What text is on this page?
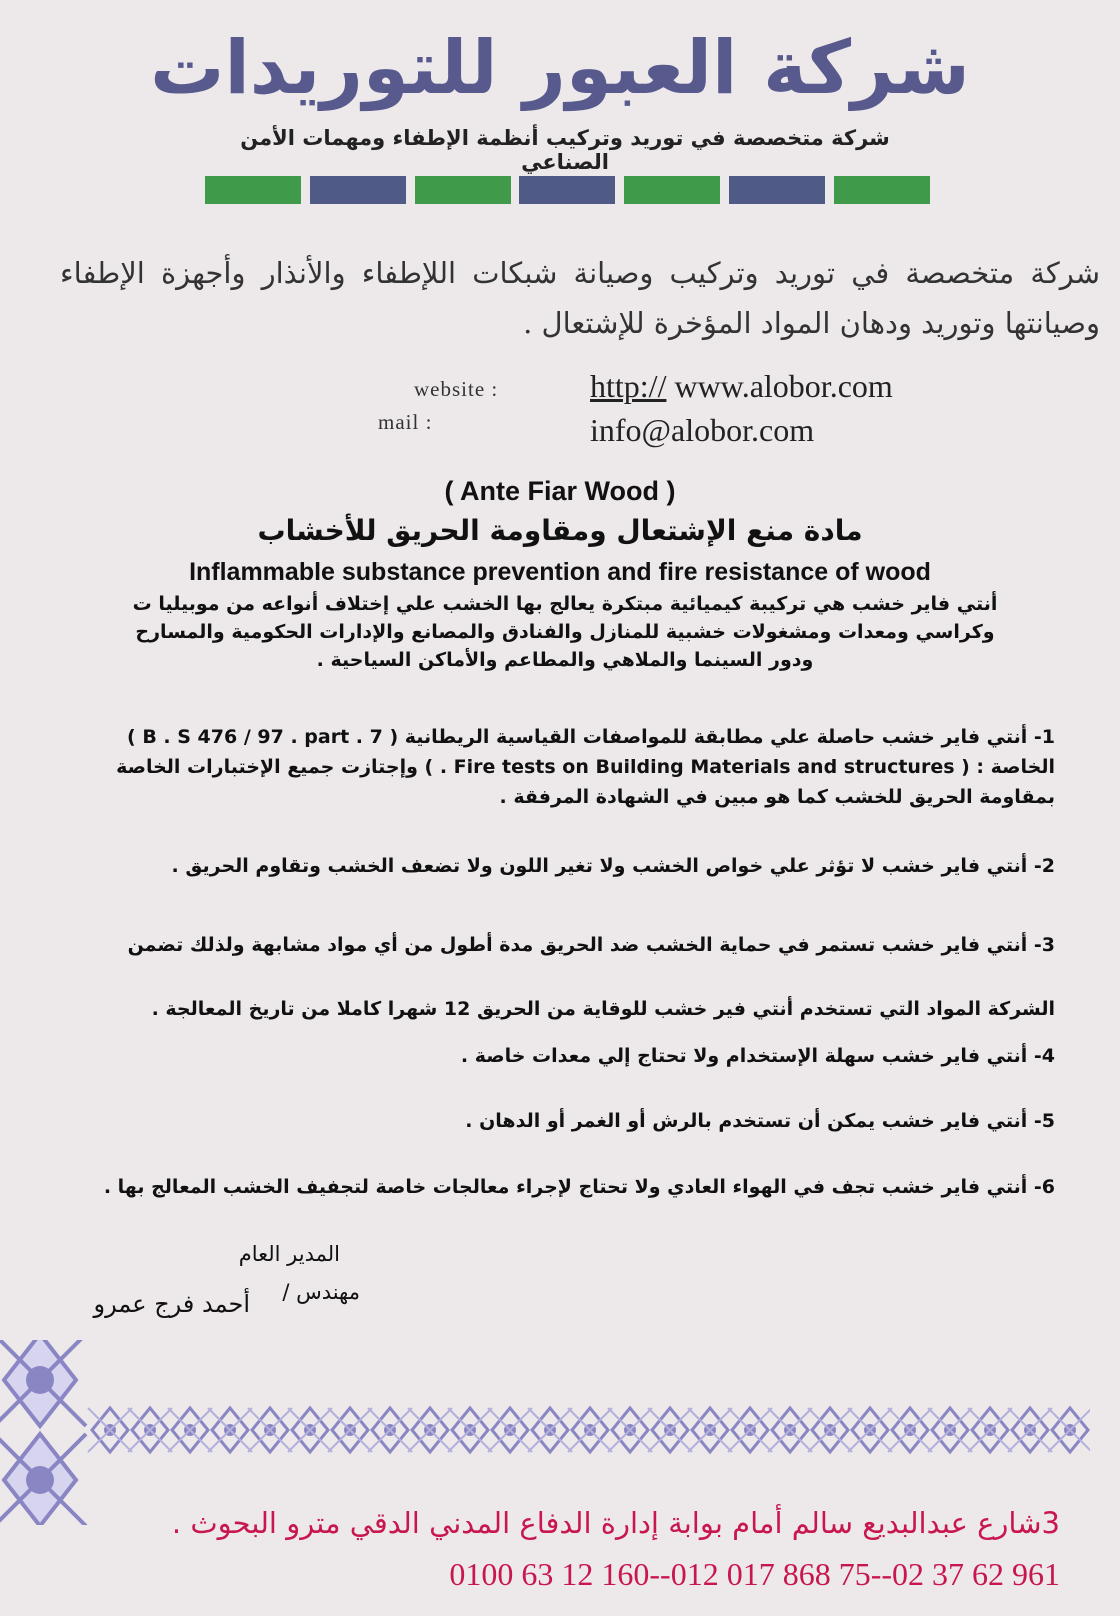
شركة العبور للتوريدات
شركة متخصصة في توريد وتركيب أنظمة الإطفاء ومهمات الأمن الصناعي
شركة متخصصة في توريد وتركيب وصيانة شبكات اللإطفاء والأنذار وأجهزة الإطفاء وصيانتها وتوريد ودهان المواد المؤخرة للإشتعال .
website :
mail :
http:// www.alobor.com
info@alobor.com
( Ante Fiar Wood )
مادة منع الإشتعال ومقاومة الحريق للأخشاب
Inflammable substance prevention and fire resistance of wood
أنتي فاير خشب هي تركيبة كيميائية مبتكرة يعالج بها الخشب علي إختلاف أنواعه من موبيليا ت وكراسي ومعدات ومشغولات خشبية للمنازل والفنادق والمصانع والإدارات الحكومية والمسارح ودور السينما والملاهي والمطاعم والأماكن السياحية .
1- أنتي فاير خشب حاصلة علي مطابقة للمواصفات القياسية الريطانية ( B . S 476 / 97 . part . 7 ) الخاصة : ( Fire tests on Building Materials and structures . ) وإجتازت جميع الإختبارات الخاصة بمقاومة الحريق للخشب كما هو مبين في الشهادة المرفقة .
2- أنتي فاير خشب لا تؤثر علي خواص الخشب ولا تغير اللون ولا تضعف الخشب وتقاوم الحريق .
3- أنتي فاير خشب تستمر في حماية الخشب ضد الحريق مدة أطول من أي مواد مشابهة ولذلك تضمن الشركة المواد التي تستخدم أنتي فير خشب للوقاية من الحريق 12 شهرا كاملا من تاريخ المعالجة .
4- أنتي فاير خشب سهلة الإستخدام ولا تحتاج إلي معدات خاصة .
5- أنتي فاير خشب يمكن أن تستخدم بالرش أو الغمر أو الدهان .
6- أنتي فاير خشب تجف في الهواء العادي ولا تحتاج لإجراء معالجات خاصة لتجفيف الخشب المعالج بها .
المدير العام
مهندس /
أحمد فرج عمرو
3شارع عبدالبديع سالم أمام بوابة إدارة الدفاع المدني الدقي مترو البحوث .
0100 63 12 160--012 017 868 75--02 37 62 961
